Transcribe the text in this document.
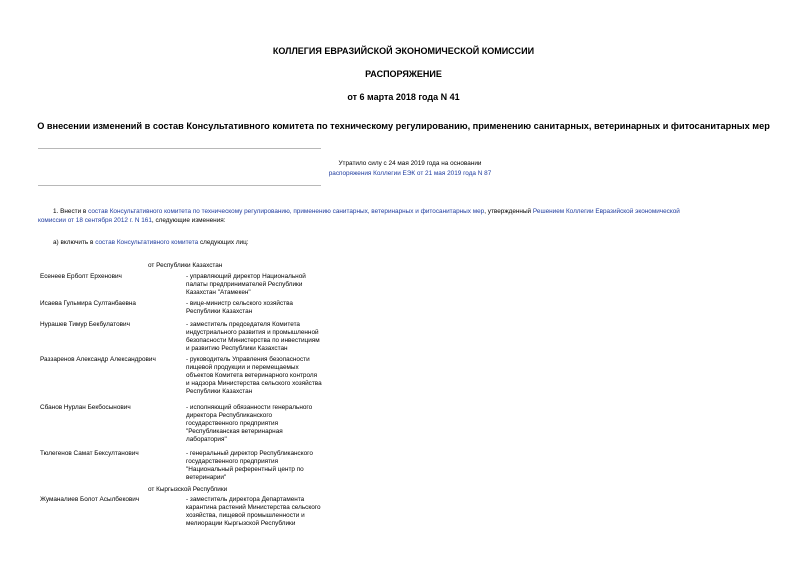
КОЛЛЕГИЯ ЕВРАЗИЙСКОЙ ЭКОНОМИЧЕСКОЙ КОМИССИИ
РАСПОРЯЖЕНИЕ
от 6 марта 2018 года N 41
О внесении изменений в состав Консультативного комитета по техническому регулированию, применению санитарных, ветеринарных и фитосанитарных мер
Утратило силу с 24 мая 2019 года на основании
распоряжения Коллегии ЕЭК от 21 мая 2019 года N 87
1. Внести в состав Консультативного комитета по техническому регулированию, применению санитарных, ветеринарных и фитосанитарных мер, утвержденный Решением Коллегии Евразийской экономической
комиссии от 18 сентября 2012 г. N 161, следующие изменения:
а) включить в состав Консультативного комитета следующих лиц:
от Республики Казахстан
Есенеев Ерболт Ерхенович	- управляющий директор Национальной
палаты предпринимателей Республики
Казахстан "Атамекен"
Исаева Гульмира Султанбаевна	- вице-министр сельского хозяйства
Республики Казахстан
Нурашев Тимур Бекбулатович	- заместитель председателя Комитета
индустриального развития и промышленной
безопасности Министерства по инвестициям
и развитию Республики Казахстан
Раззаренов Александр Александрович	- руководитель Управления безопасности
пищевой продукции и перемещаемых
объектов Комитета ветеринарного контроля
и надзора Министерства сельского хозяйства
Республики Казахстан
Сбанов Нурлан Бекбосынович	- исполняющий обязанности генерального
директора Республиканского
государственного предприятия
"Республиканская ветеринарная
лаборатория"
Тюлегенов Самат Бексултанович	- генеральный директор Республиканского
государственного предприятия
"Национальный референтный центр по
ветеринарии"
от Кыргызской Республики
Жуманалиев Болот Асылбекович	- заместитель директора Департамента
карантина растений Министерства сельского
хозяйства, пищевой промышленности и
мелиорации Кыргызской Республики
